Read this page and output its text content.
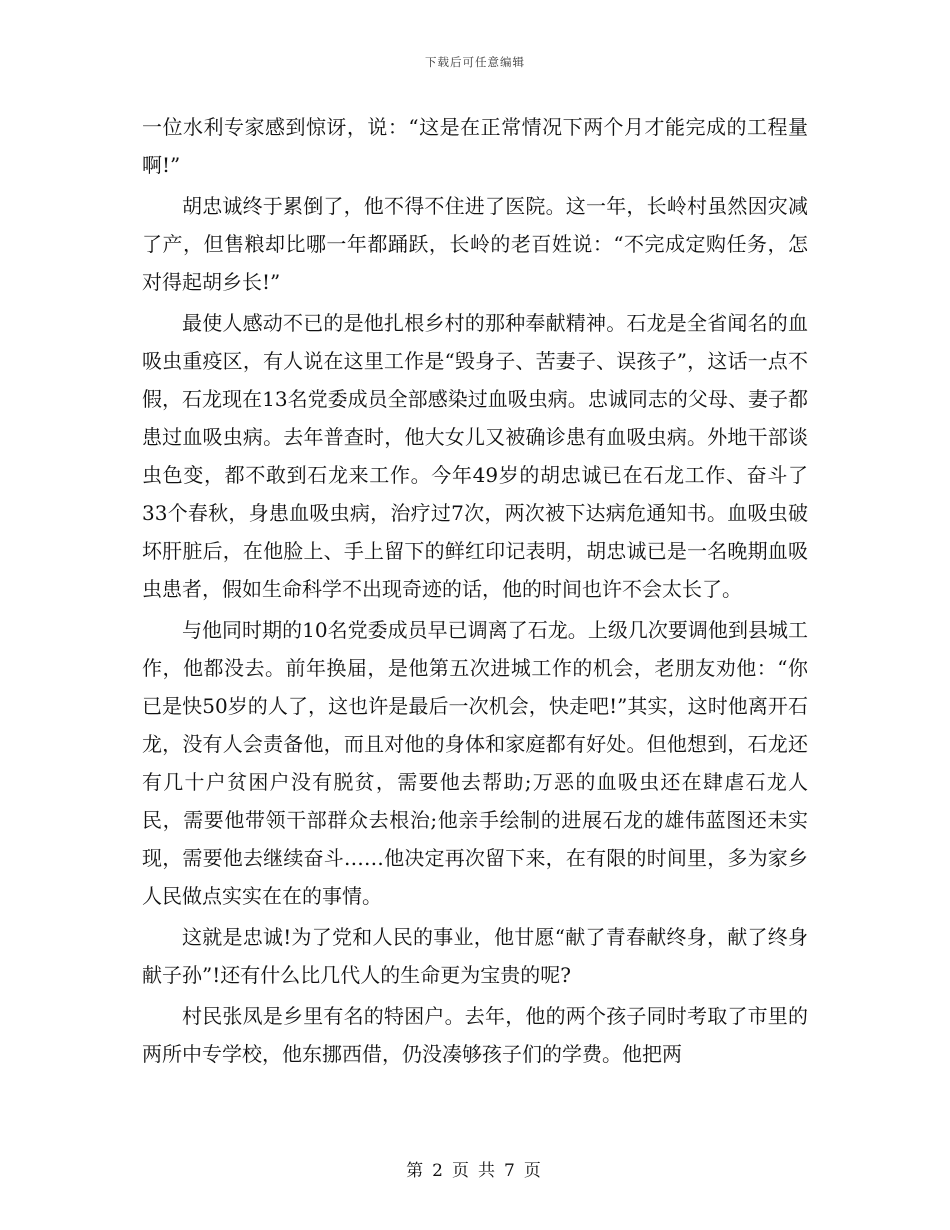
下载后可任意编辑

一位水利专家感到惊讶，说：“这是在正常情况下两个月才能完成的工程量啊!”

胡忠诚终于累倒了，他不得不住进了医院。这一年，长岭村虽然因灾减了产，但售粮却比哪一年都踊跃，长岭的老百姓说：“不完成定购任务，怎对得起胡乡长!”

最使人感动不已的是他扎根乡村的那种奉献精神。石龙是全省闻名的血吸虫重疫区，有人说在这里工作是“毁身子、苦妻子、误孩子”，这话一点不假，石龙现在13名党委成员全部感染过血吸虫病。忠诚同志的父母、妻子都患过血吸虫病。去年普查时，他大女儿又被确诊患有血吸虫病。外地干部谈虫色变，都不敢到石龙来工作。今年49岁的胡忠诚已在石龙工作、奋斗了33个春秋，身患血吸虫病，治疗过7次，两次被下达病危通知书。血吸虫破坏肝脏后，在他脸上、手上留下的鲜红印记表明，胡忠诚已是一名晚期血吸虫患者，假如生命科学不出现奇迹的话，他的时间也许不会太长了。

与他同时期的10名党委成员早已调离了石龙。上级几次要调他到县城工作，他都没去。前年换届，是他第五次进城工作的机会，老朋友劝他：“你已是快50岁的人了，这也许是最后一次机会，快走吧!”其实，这时他离开石龙，没有人会责备他，而且对他的身体和家庭都有好处。但他想到，石龙还有几十户贫困户没有脱贫，需要他去帮助;万恶的血吸虫还在肆虐石龙人民，需要他带领干部群众去根治;他亲手绘制的进展石龙的雄伟蓝图还未实现，需要他去继续奋斗……他决定再次留下来，在有限的时间里，多为家乡人民做点实实在在的事情。

这就是忠诚!为了党和人民的事业，他甘愿“献了青春献终身，献了终身献子孙”!还有什么比几代人的生命更为宝贵的呢?

村民张凤是乡里有名的特困户。去年，他的两个孩子同时考取了市里的两所中专学校，他东挪西借，仍没凑够孩子们的学费。他把两

第 2 页 共 7 页
